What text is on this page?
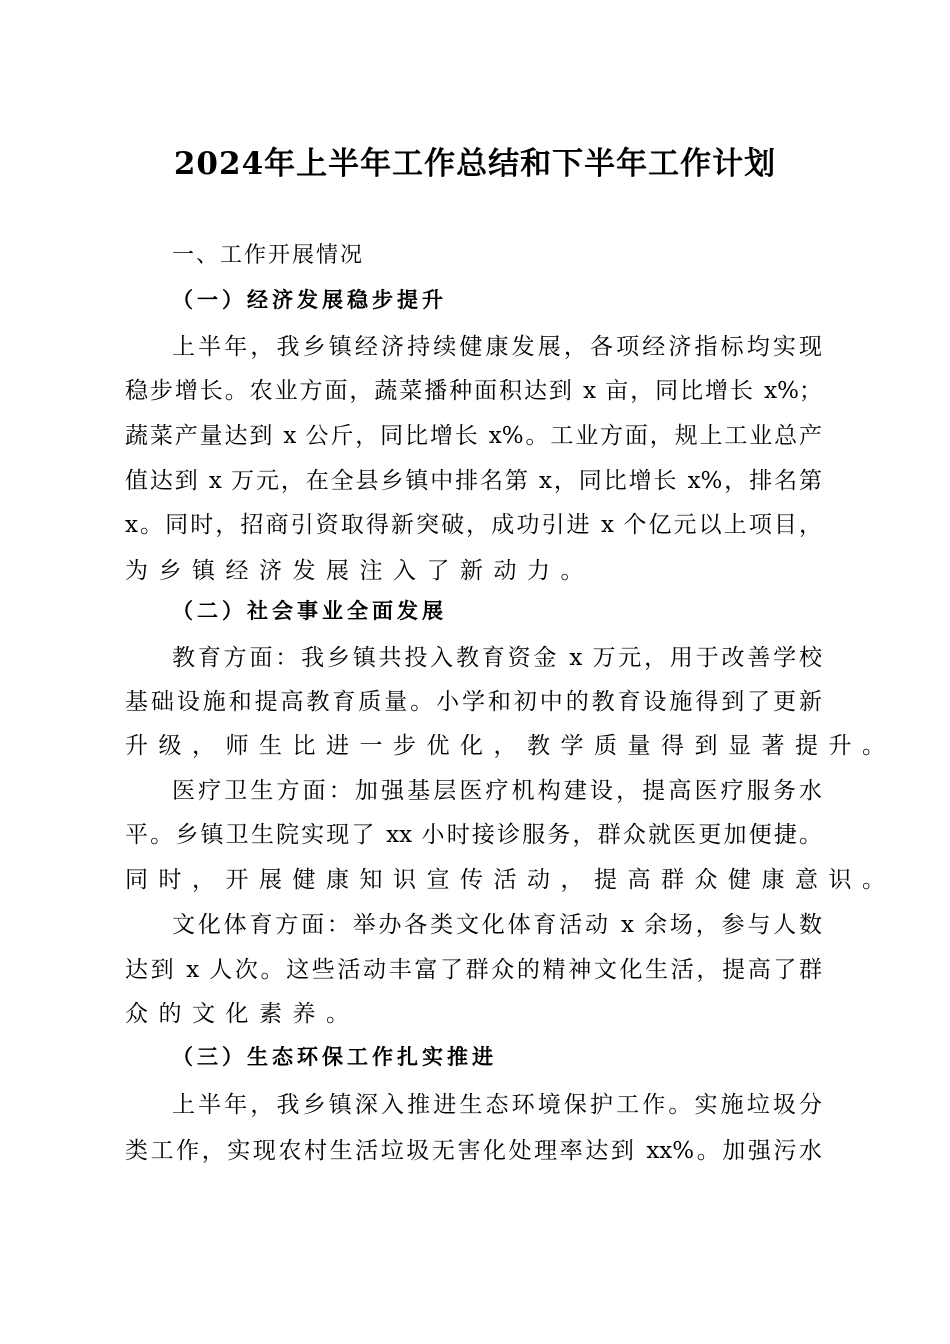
2024年上半年工作总结和下半年工作计划
一、工作开展情况
（一）经济发展稳步提升
上半年，我乡镇经济持续健康发展，各项经济指标均实现
稳步增长。农业方面，蔬菜播种面积达到 x 亩，同比增长 x%；
蔬菜产量达到 x 公斤，同比增长 x%。工业方面，规上工业总产
值达到 x 万元，在全县乡镇中排名第 x，同比增长 x%，排名第
x。同时，招商引资取得新突破，成功引进 x 个亿元以上项目，
为乡镇经济发展注入了新动力。
（二）社会事业全面发展
教育方面：我乡镇共投入教育资金 x 万元，用于改善学校
基础设施和提高教育质量。小学和初中的教育设施得到了更新
升级，师生比进一步优化，教学质量得到显著提升。
医疗卫生方面：加强基层医疗机构建设，提高医疗服务水
平。乡镇卫生院实现了 xx 小时接诊服务，群众就医更加便捷。
同时，开展健康知识宣传活动，提高群众健康意识。
文化体育方面：举办各类文化体育活动 x 余场，参与人数
达到 x 人次。这些活动丰富了群众的精神文化生活，提高了群
众的文化素养。
（三）生态环保工作扎实推进
上半年，我乡镇深入推进生态环境保护工作。实施垃圾分
类工作，实现农村生活垃圾无害化处理率达到 xx%。加强污水
